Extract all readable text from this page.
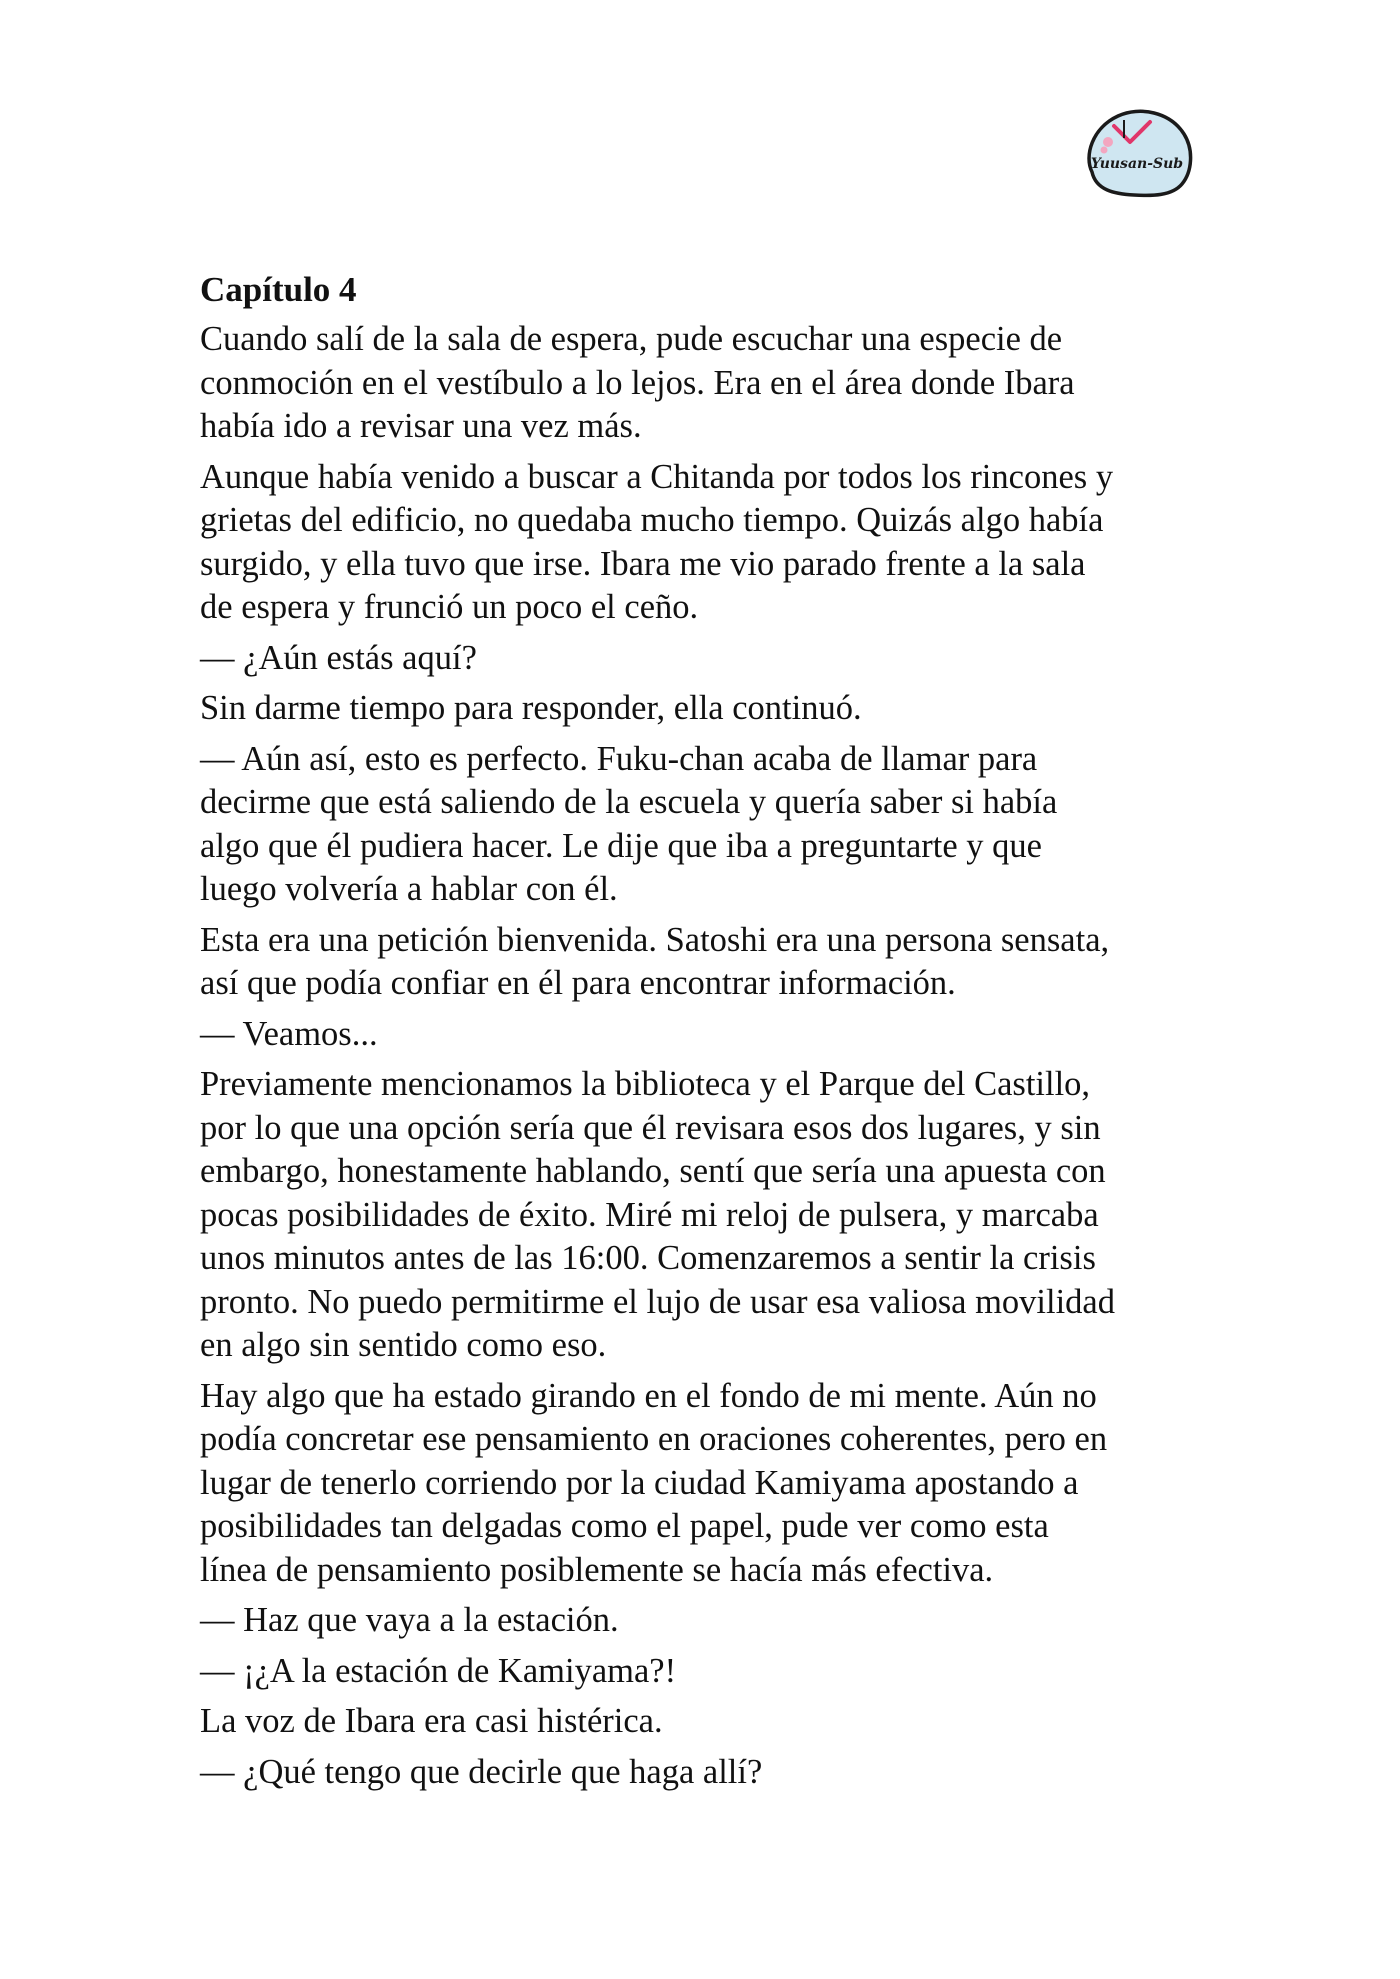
Yuusan-Sub
Capítulo 4

Cuando salí de la sala de espera, pude escuchar una especie de
conmoción en el vestíbulo a lo lejos. Era en el área donde Ibara
había ido a revisar una vez más.

Aunque había venido a buscar a Chitanda por todos los rincones y
grietas del edificio, no quedaba mucho tiempo. Quizás algo había
surgido, y ella tuvo que irse. Ibara me vio parado frente a la sala
de espera y frunció un poco el ceño.

— ¿Aún estás aquí?

Sin darme tiempo para responder, ella continuó.

— Aún así, esto es perfecto. Fuku-chan acaba de llamar para
decirme que está saliendo de la escuela y quería saber si había
algo que él pudiera hacer. Le dije que iba a preguntarte y que
luego volvería a hablar con él.

Esta era una petición bienvenida. Satoshi era una persona sensata,
así que podía confiar en él para encontrar información.

— Veamos...

Previamente mencionamos la biblioteca y el Parque del Castillo,
por lo que una opción sería que él revisara esos dos lugares, y sin
embargo, honestamente hablando, sentí que sería una apuesta con
pocas posibilidades de éxito. Miré mi reloj de pulsera, y marcaba
unos minutos antes de las 16:00. Comenzaremos a sentir la crisis
pronto. No puedo permitirme el lujo de usar esa valiosa movilidad
en algo sin sentido como eso.

Hay algo que ha estado girando en el fondo de mi mente. Aún no
podía concretar ese pensamiento en oraciones coherentes, pero en
lugar de tenerlo corriendo por la ciudad Kamiyama apostando a
posibilidades tan delgadas como el papel, pude ver como esta
línea de pensamiento posiblemente se hacía más efectiva.

— Haz que vaya a la estación.

— ¡¿A la estación de Kamiyama?!

La voz de Ibara era casi histérica.

— ¿Qué tengo que decirle que haga allí?
